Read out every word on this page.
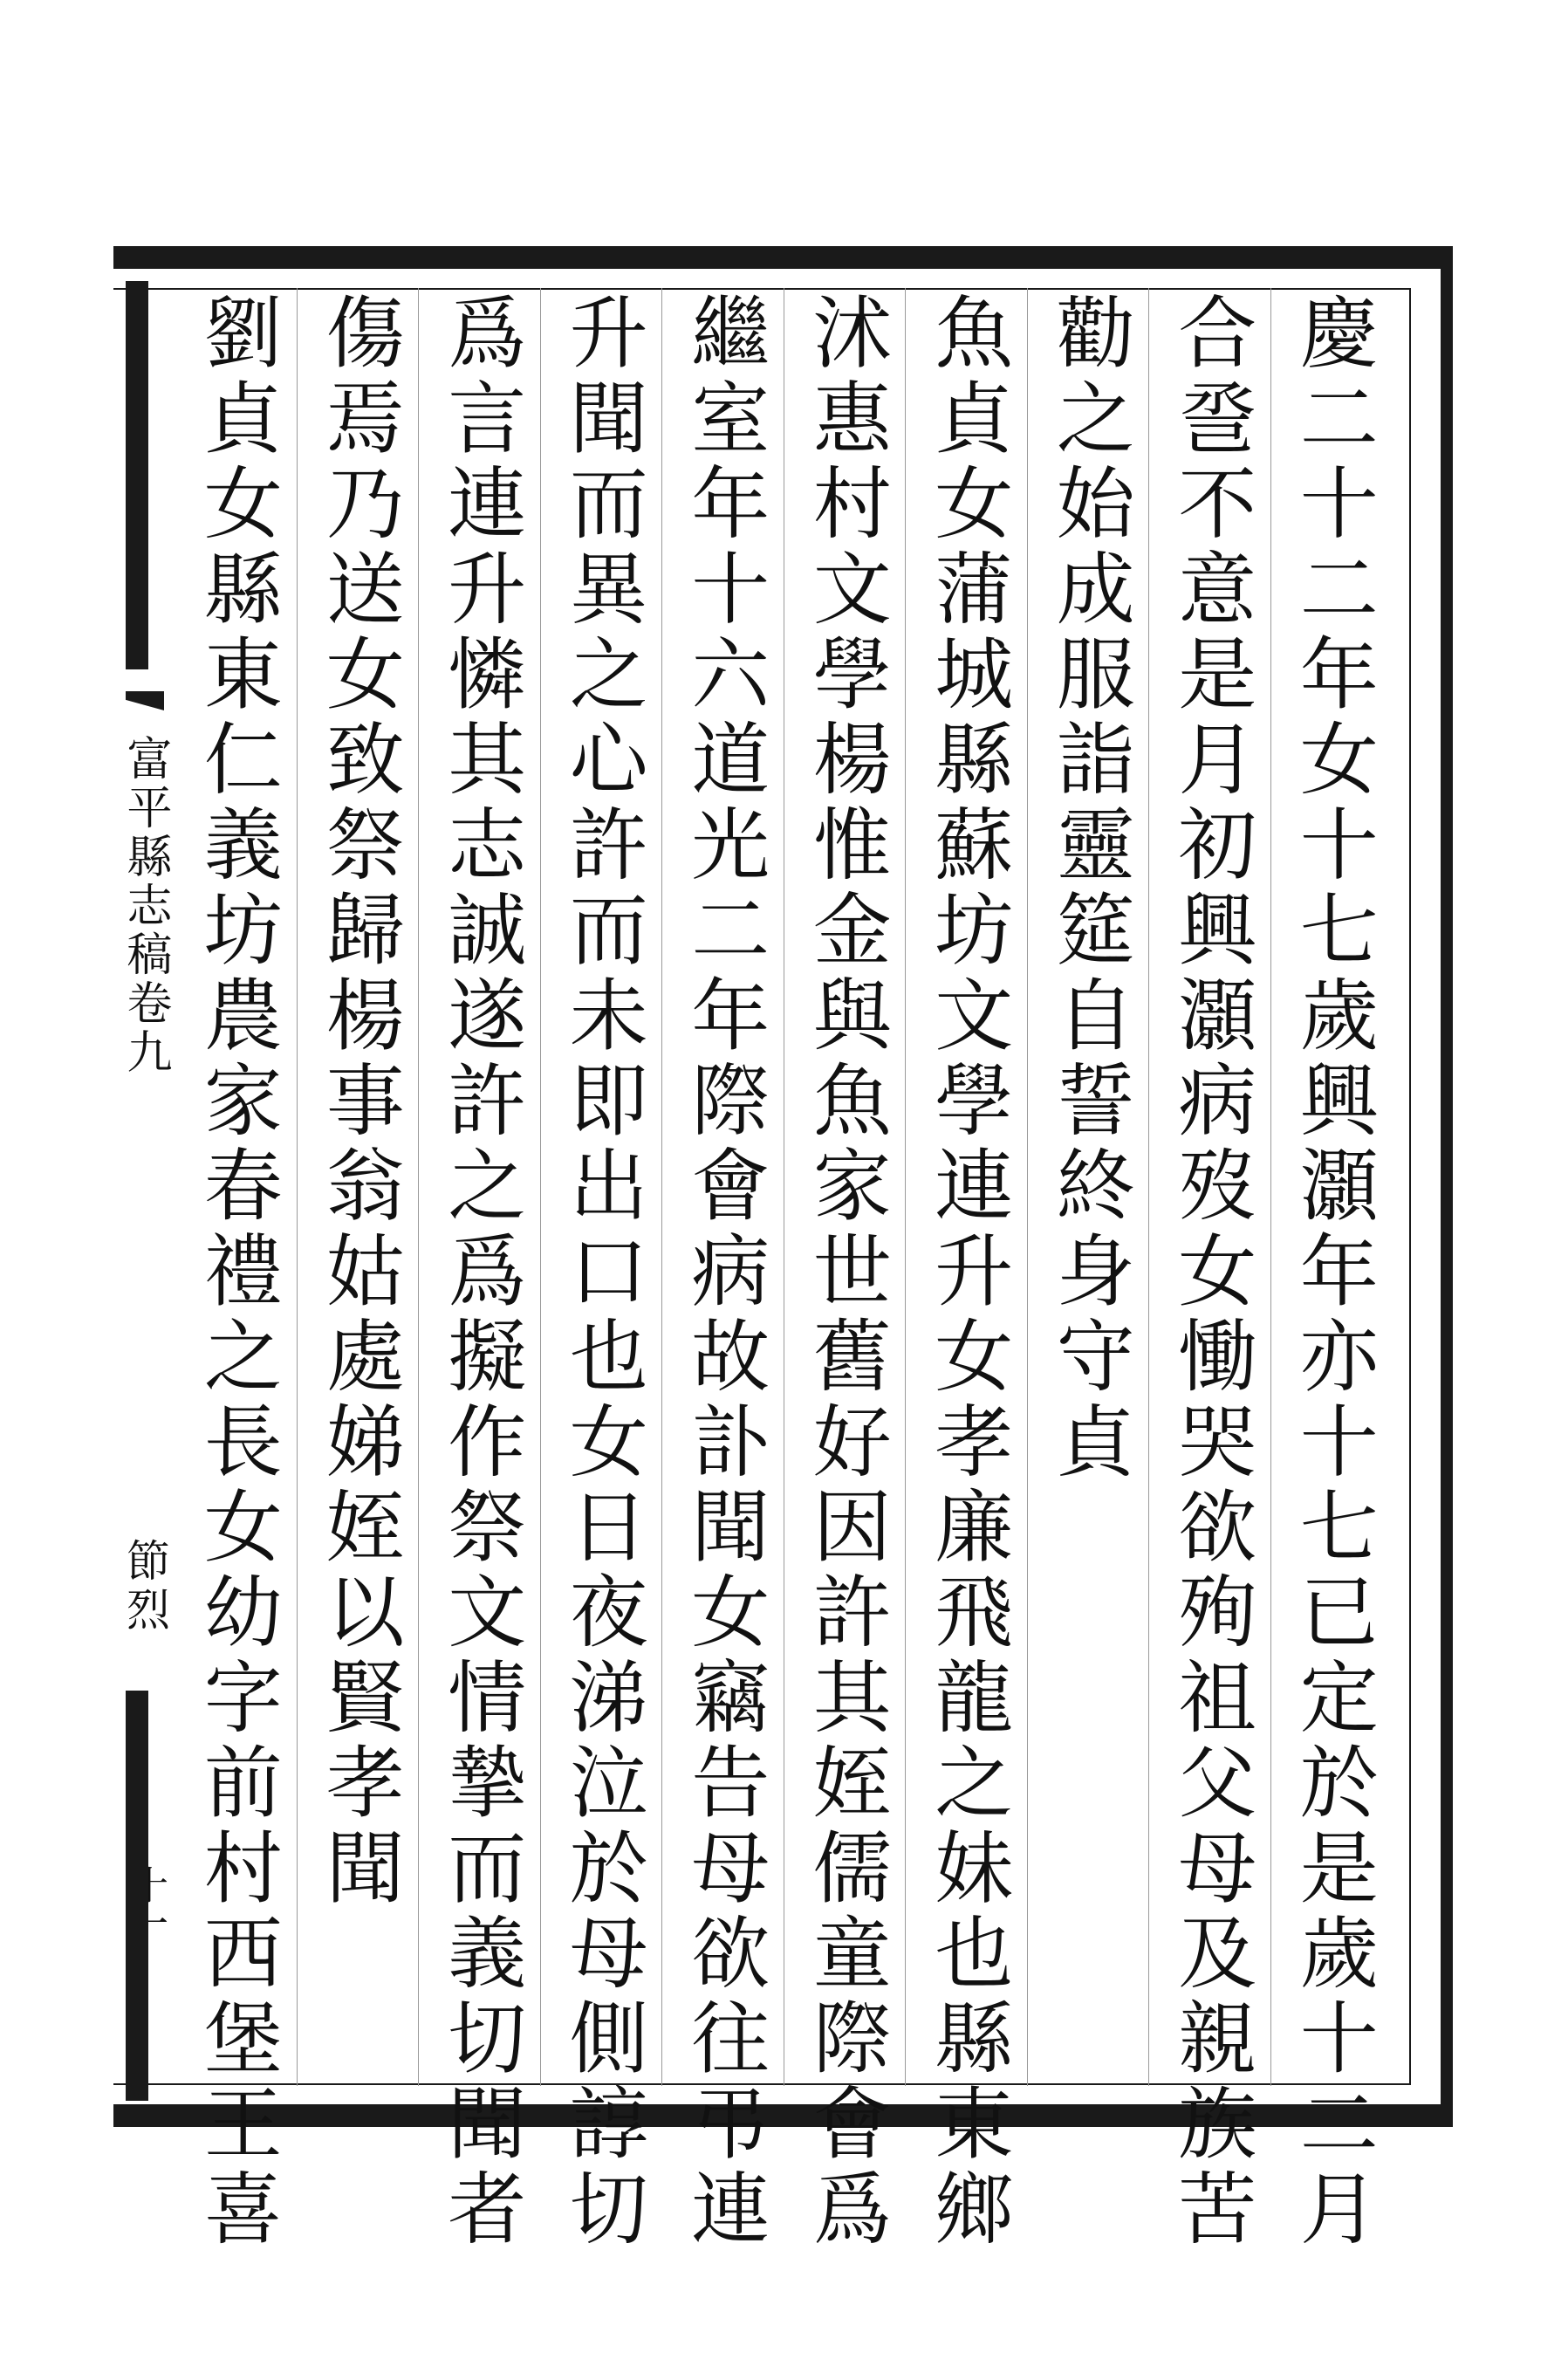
富平縣志稿卷九
節烈	慶二十二年女十七歲興灝年亦十七已定於是歲十二月
合巹不意是月初興灝病歿女慟哭欲殉祖父母及親族苦
勸之始成服詣靈筵自誓終身守貞
魚貞女蒲城縣蘇坊文學連升女孝廉飛龍之妹也縣東鄉
沭惠村文學楊惟金與魚家世舊好因許其姪儒童際會爲
繼室年十六道光二年際會病故訃聞女竊告母欲往弔連
升聞而異之心許而未即出口也女日夜涕泣於母側諄切
爲言連升憐其志誠遂許之爲擬作祭文情摯而義切聞者
傷焉乃送女致祭歸楊事翁姑處娣姪以賢孝聞
劉貞女縣東仁義坊農家春禮之長女幼字前村西堡王喜
